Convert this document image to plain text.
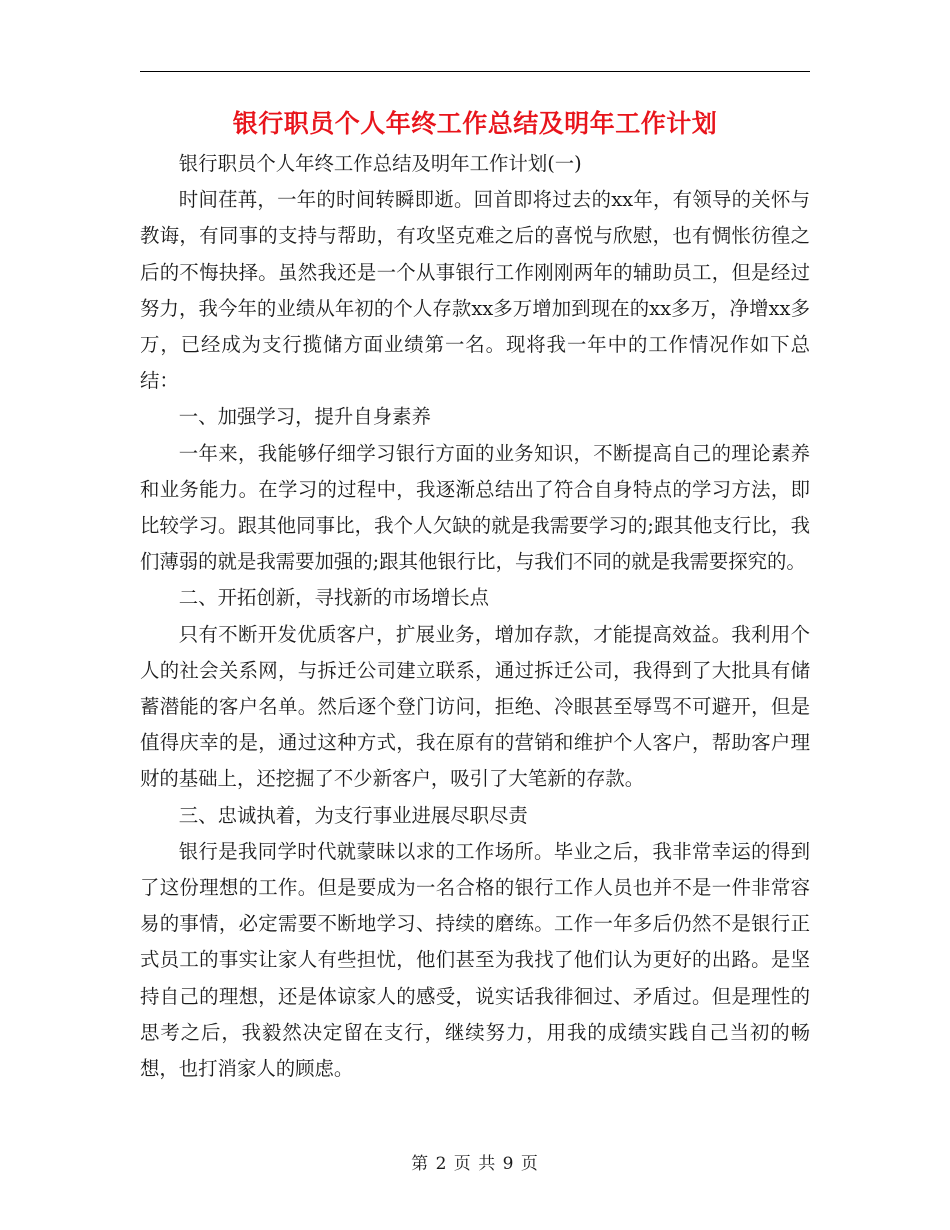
银行职员个人年终工作总结及明年工作计划

银行职员个人年终工作总结及明年工作计划(一)

时间荏苒，一年的时间转瞬即逝。回首即将过去的xx年，有领导的关怀与教诲，有同事的支持与帮助，有攻坚克难之后的喜悦与欣慰，也有惆怅彷徨之后的不悔抉择。虽然我还是一个从事银行工作刚刚两年的辅助员工，但是经过努力，我今年的业绩从年初的个人存款xx多万增加到现在的xx多万，净增xx多万，已经成为支行揽储方面业绩第一名。现将我一年中的工作情况作如下总结：

一、加强学习，提升自身素养

一年来，我能够仔细学习银行方面的业务知识，不断提高自己的理论素养和业务能力。在学习的过程中，我逐渐总结出了符合自身特点的学习方法，即比较学习。跟其他同事比，我个人欠缺的就是我需要学习的;跟其他支行比，我们薄弱的就是我需要加强的;跟其他银行比，与我们不同的就是我需要探究的。

二、开拓创新，寻找新的市场增长点

只有不断开发优质客户，扩展业务，增加存款，才能提高效益。我利用个人的社会关系网，与拆迁公司建立联系，通过拆迁公司，我得到了大批具有储蓄潜能的客户名单。然后逐个登门访问，拒绝、冷眼甚至辱骂不可避开，但是值得庆幸的是，通过这种方式，我在原有的营销和维护个人客户，帮助客户理财的基础上，还挖掘了不少新客户，吸引了大笔新的存款。

三、忠诚执着，为支行事业进展尽职尽责

银行是我同学时代就蒙昧以求的工作场所。毕业之后，我非常幸运的得到了这份理想的工作。但是要成为一名合格的银行工作人员也并不是一件非常容易的事情，必定需要不断地学习、持续的磨练。工作一年多后仍然不是银行正式员工的事实让家人有些担忧，他们甚至为我找了他们认为更好的出路。是坚持自己的理想，还是体谅家人的感受，说实话我徘徊过、矛盾过。但是理性的思考之后，我毅然决定留在支行，继续努力，用我的成绩实践自己当初的畅想，也打消家人的顾虑。

第 2 页 共 9 页
